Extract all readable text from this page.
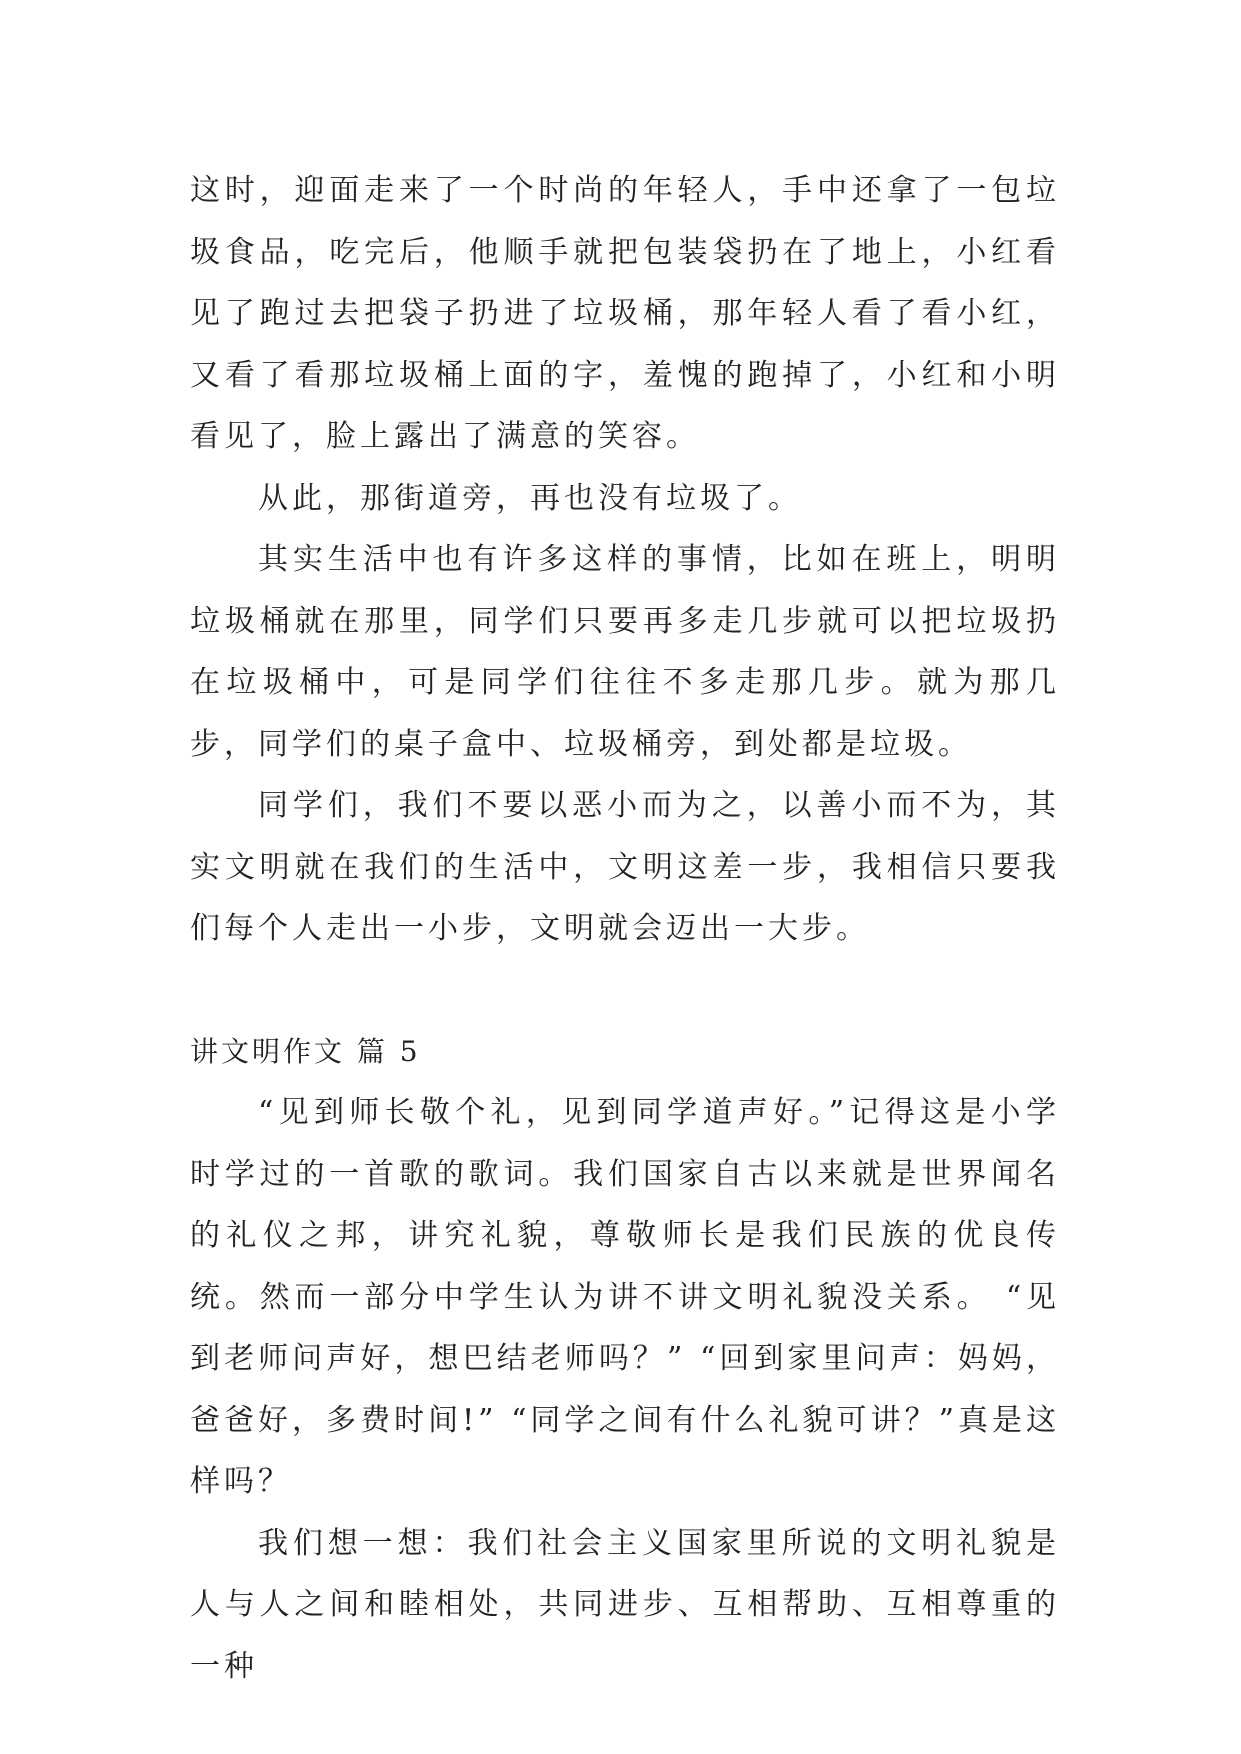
这时，迎面走来了一个时尚的年轻人，手中还拿了一包垃圾食品，吃完后，他顺手就把包装袋扔在了地上，小红看见了跑过去把袋子扔进了垃圾桶，那年轻人看了看小红，又看了看那垃圾桶上面的字，羞愧的跑掉了，小红和小明看见了，脸上露出了满意的笑容。

从此，那街道旁，再也没有垃圾了。

其实生活中也有许多这样的事情，比如在班上，明明垃圾桶就在那里，同学们只要再多走几步就可以把垃圾扔在垃圾桶中，可是同学们往往不多走那几步。就为那几步，同学们的桌子盒中、垃圾桶旁，到处都是垃圾。

同学们，我们不要以恶小而为之，以善小而不为，其实文明就在我们的生活中，文明这差一步，我相信只要我们每个人走出一小步，文明就会迈出一大步。

讲文明作文 篇 5

“见到师长敬个礼，见到同学道声好。”记得这是小学时学过的一首歌的歌词。我们国家自古以来就是世界闻名的礼仪之邦，讲究礼貌，尊敬师长是我们民族的优良传统。然而一部分中学生认为讲不讲文明礼貌没关系。 “见到老师问声好，想巴结老师吗？” “回到家里问声：妈妈，爸爸好，多费时间!” “同学之间有什么礼貌可讲？”真是这样吗？

我们想一想：我们社会主义国家里所说的文明礼貌是人与人之间和睦相处，共同进步、互相帮助、互相尊重的一种
